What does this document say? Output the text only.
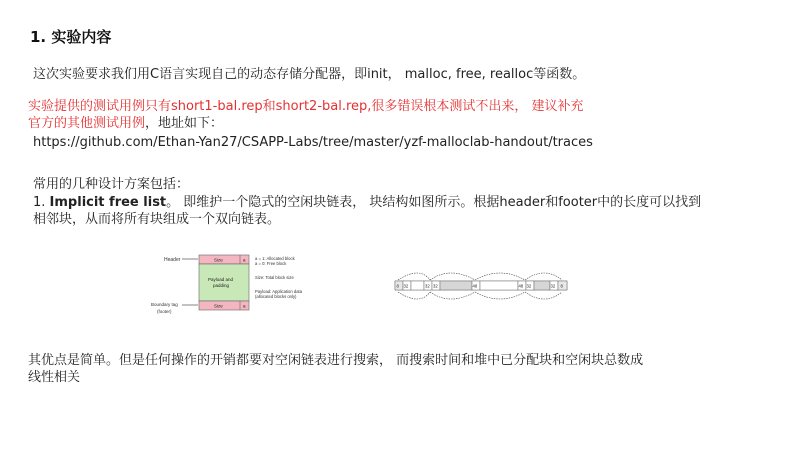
1. 实验内容
这次实验要求我们用C语言实现自己的动态存储分配器，即init， malloc, free, realloc等函数。
实验提供的测试用例只有short1-bal.rep和short2-bal.rep,很多错误根本测试不出来， 建议补充
官方的其他测试用例，地址如下：
https://github.com/Ethan-Yan27/CSAPP-Labs/tree/master/yzf-malloclab-handout/traces
常用的几种设计方案包括：
1. Implicit free list。 即维护一个隐式的空闲块链表， 块结构如图所示。根据header和footer中的长度可以找到
相邻块，从而将所有块组成一个双向链表。
Header	Size	a
Payload and
padding
Size	a
Boundary tag
(footer)
a = 1: Allocated block
a = 0: Free block
Size: Total block size
Payload: Application data
(allocated blocks only)
8 32	32 32	48	48 32	32 8
其优点是简单。但是任何操作的开销都要对空闲链表进行搜索， 而搜索时间和堆中已分配块和空闲块总数成
线性相关
